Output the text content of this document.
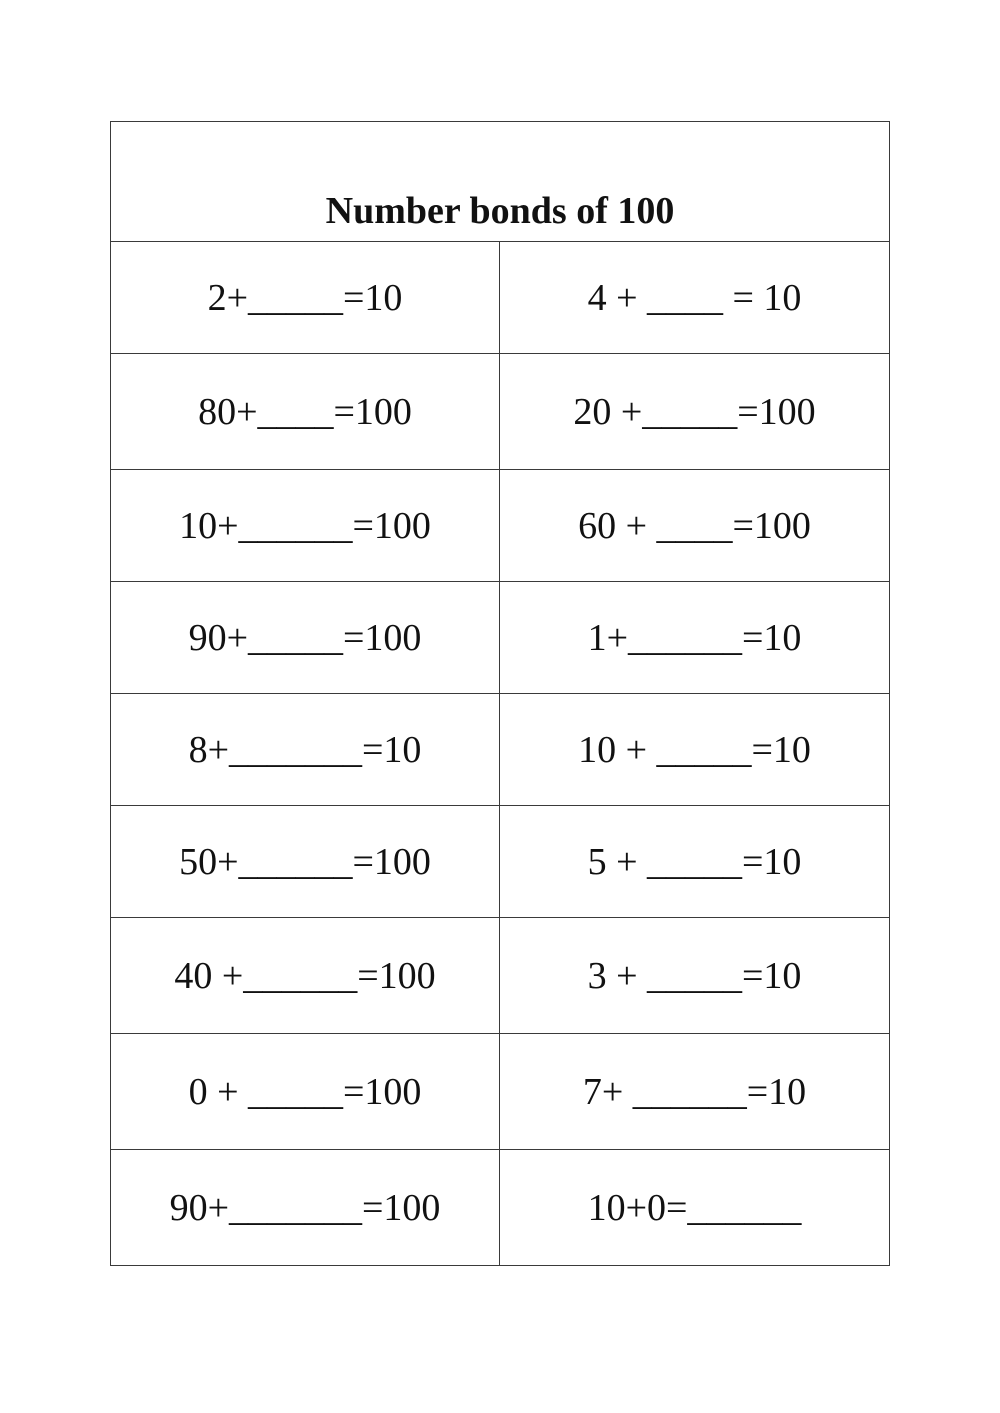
Number bonds of 100	
2+_____=10	4 + ____ = 10
80+____=100	20 +_____=100
10+______=100	60 + ____=100
90+_____=100	1+______=10
8+_______=10	10 + _____=10
50+______=100	5 + _____=10
40 +______=100	3 + _____=10
0 + _____=100	7+ ______=10
90+_______=100	10+0=______
